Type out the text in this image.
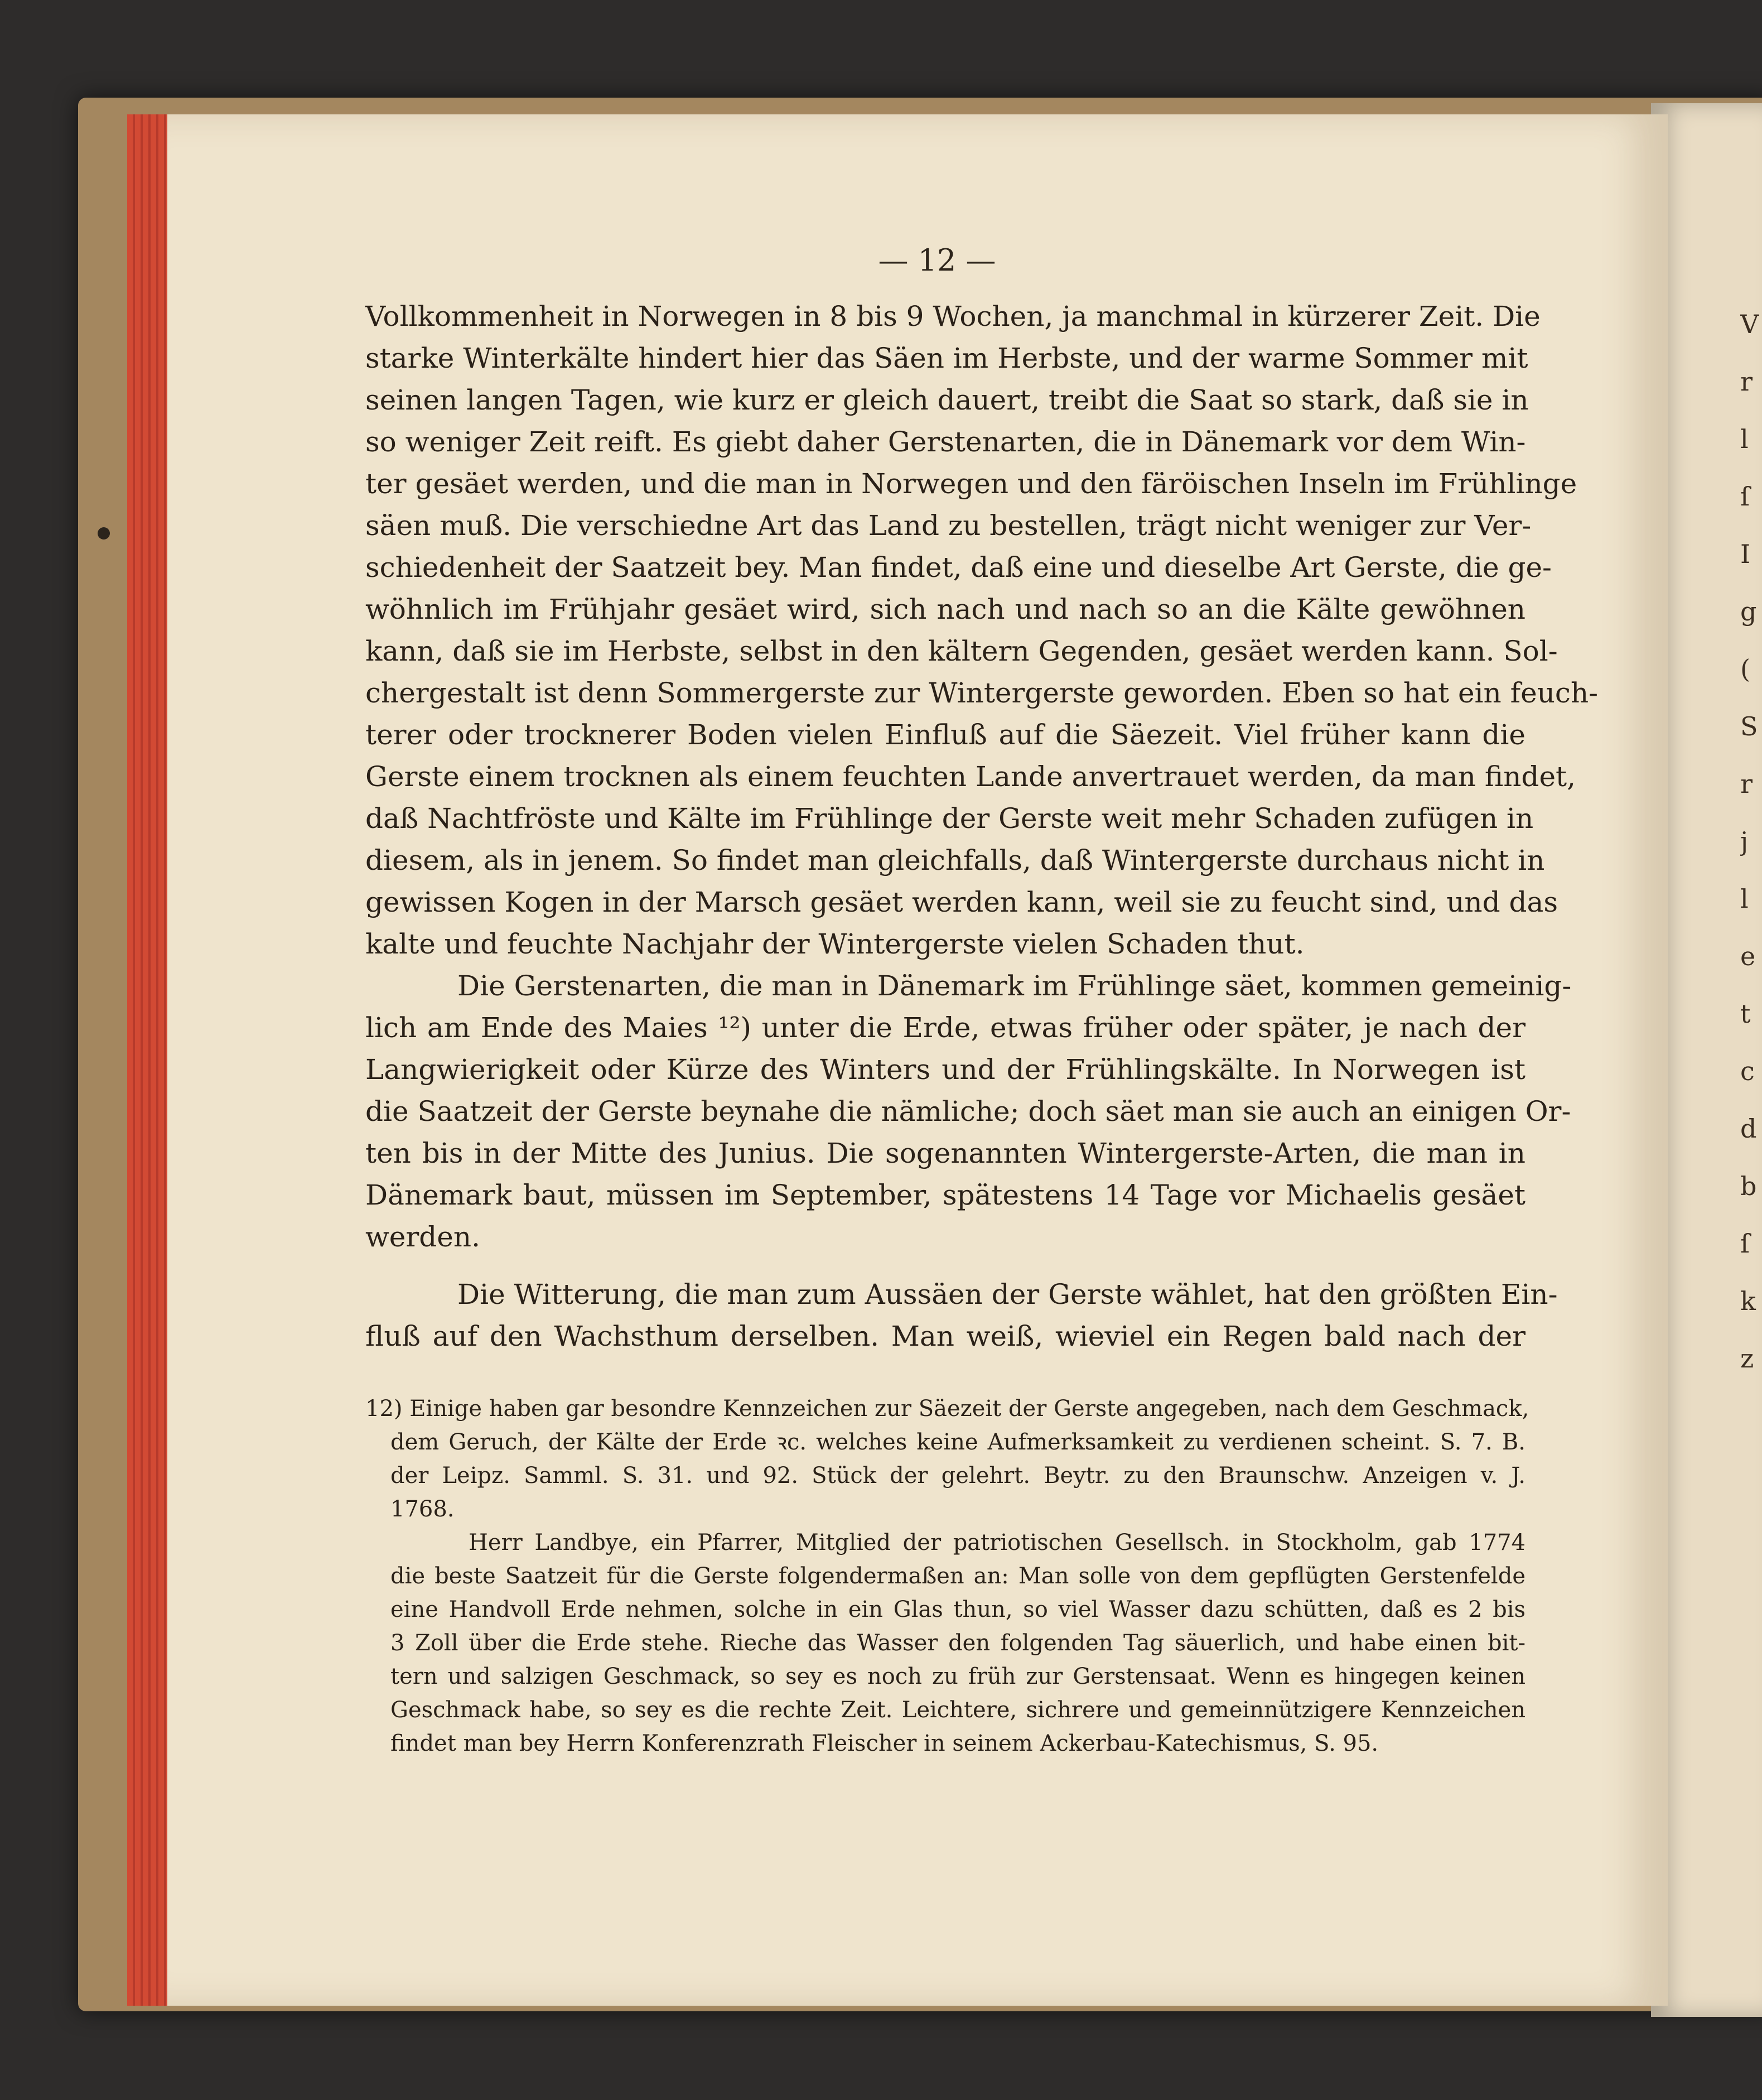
V
r
l
ſ
I
g
(
S
r
j
l
e
t
c
d
b
ſ
k
z
— 12 —
Vollkommenheit in Norwegen in 8 bis 9 Wochen, ja manchmal in kürzerer Zeit. Die
starke Winterkälte hindert hier das Säen im Herbste, und der warme Sommer mit
seinen langen Tagen, wie kurz er gleich dauert, treibt die Saat so stark, daß sie in
so weniger Zeit reift. Es giebt daher Gerstenarten, die in Dänemark vor dem Win-
ter gesäet werden, und die man in Norwegen und den färöischen Inseln im Frühlinge
säen muß. Die verschiedne Art das Land zu bestellen, trägt nicht weniger zur Ver-
schiedenheit der Saatzeit bey. Man findet, daß eine und dieselbe Art Gerste, die ge-
wöhnlich im Frühjahr gesäet wird, sich nach und nach so an die Kälte gewöhnen
kann, daß sie im Herbste, selbst in den kältern Gegenden, gesäet werden kann. Sol-
chergestalt ist denn Sommergerste zur Wintergerste geworden. Eben so hat ein feuch-
terer oder trocknerer Boden vielen Einfluß auf die Säezeit. Viel früher kann die
Gerste einem trocknen als einem feuchten Lande anvertrauet werden, da man findet,
daß Nachtfröste und Kälte im Frühlinge der Gerste weit mehr Schaden zufügen in
diesem, als in jenem. So findet man gleichfalls, daß Wintergerste durchaus nicht in
gewissen Kogen in der Marsch gesäet werden kann, weil sie zu feucht sind, und das
kalte und feuchte Nachjahr der Wintergerste vielen Schaden thut.
Die Gerstenarten, die man in Dänemark im Frühlinge säet, kommen gemeinig-
lich am Ende des Maies ¹²) unter die Erde, etwas früher oder später, je nach der
Langwierigkeit oder Kürze des Winters und der Frühlingskälte. In Norwegen ist
die Saatzeit der Gerste beynahe die nämliche; doch säet man sie auch an einigen Or-
ten bis in der Mitte des Junius. Die sogenannten Wintergerste-Arten, die man in
Dänemark baut, müssen im September, spätestens 14 Tage vor Michaelis gesäet
werden.
Die Witterung, die man zum Aussäen der Gerste wählet, hat den größten Ein-
fluß auf den Wachsthum derselben. Man weiß, wieviel ein Regen bald nach der
12) Einige haben gar besondre Kennzeichen zur Säezeit der Gerste angegeben, nach dem Geschmack,
dem Geruch, der Kälte der Erde ꝛc. welches keine Aufmerksamkeit zu verdienen scheint. S. 7. B.
der Leipz. Samml. S. 31. und 92. Stück der gelehrt. Beytr. zu den Braunschw. Anzeigen v. J.
1768.
Herr Landbye, ein Pfarrer, Mitglied der patriotischen Gesellsch. in Stockholm, gab 1774
die beste Saatzeit für die Gerste folgendermaßen an: Man solle von dem gepflügten Gerstenfelde
eine Handvoll Erde nehmen, solche in ein Glas thun, so viel Wasser dazu schütten, daß es 2 bis
3 Zoll über die Erde stehe. Rieche das Wasser den folgenden Tag säuerlich, und habe einen bit-
tern und salzigen Geschmack, so sey es noch zu früh zur Gerstensaat. Wenn es hingegen keinen
Geschmack habe, so sey es die rechte Zeit. Leichtere, sichrere und gemeinnützigere Kennzeichen
findet man bey Herrn Konferenzrath Fleischer in seinem Ackerbau-Katechismus, S. 95.
